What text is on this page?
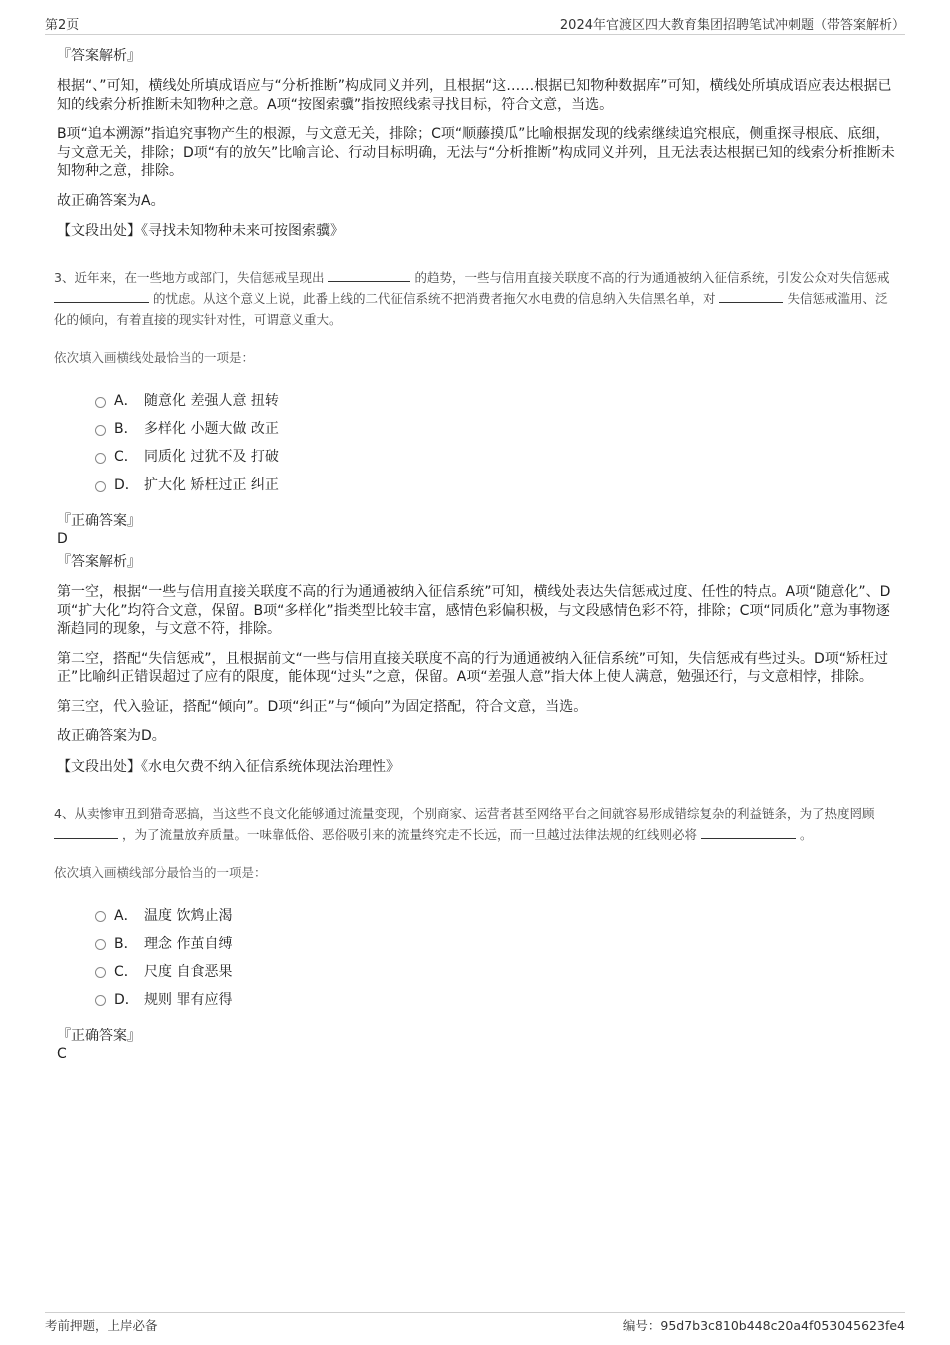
第2页	2024年官渡区四大教育集团招聘笔试冲刺题（带答案解析）
『答案解析』

根据“、”可知，横线处所填成语应与“分析推断”构成同义并列，且根据“这……根据已知物种数据库”可知，横线处所填成语应表达根据已知的线索分析推断未知物种之意。A项“按图索骥”指按照线索寻找目标，符合文意，当选。

B项“追本溯源”指追究事物产生的根源，与文意无关，排除；C项“顺藤摸瓜”比喻根据发现的线索继续追究根底，侧重探寻根底、底细，与文意无关，排除；D项“有的放矢”比喻言论、行动目标明确，无法与“分析推断”构成同义并列，且无法表达根据已知的线索分析推断未知物种之意，排除。

故正确答案为A。

【文段出处】《寻找未知物种未来可按图索骥》
3、近年来，在一些地方或部门，失信惩戒呈现出	的趋势，一些与信用直接关联度不高的行为通通被纳入征信系统，引发公众对失信惩戒  的忧虑。从这个意义上说，此番上线的二代征信系统不把消费者拖欠水电费的信息纳入失信黑名单，对	失信惩戒滥用、泛化的倾向，有着直接的现实针对性，可谓意义重大。
依次填入画横线处最恰当的一项是：
A． 随意化 差强人意 扭转
B． 多样化 小题大做 改正
C． 同质化 过犹不及 打破
D． 扩大化 矫枉过正 纠正
『正确答案』
D
『答案解析』

第一空，根据“一些与信用直接关联度不高的行为通通被纳入征信系统”可知，横线处表达失信惩戒过度、任性的特点。A项“随意化”、D项“扩大化”均符合文意，保留。B项“多样化”指类型比较丰富，感情色彩偏积极，与文段感情色彩不符，排除；C项“同质化”意为事物逐渐趋同的现象，与文意不符，排除。

第二空，搭配“失信惩戒”，且根据前文“一些与信用直接关联度不高的行为通通被纳入征信系统”可知，失信惩戒有些过头。D项“矫枉过正”比喻纠正错误超过了应有的限度，能体现“过头”之意，保留。A项“差强人意”指大体上使人满意，勉强还行，与文意相悖，排除。

第三空，代入验证，搭配“倾向”。D项“纠正”与“倾向”为固定搭配，符合文意，当选。

故正确答案为D。

【文段出处】《水电欠费不纳入征信系统体现法治理性》
4、从卖惨审丑到猎奇恶搞，当这些不良文化能够通过流量变现，个别商家、运营者甚至网络平台之间就容易形成错综复杂的利益链条，为了热度罔顾  ，为了流量放弃质量。一味靠低俗、恶俗吸引来的流量终究走不长远，而一旦越过法律法规的红线则必将	。
依次填入画横线部分最恰当的一项是：
A． 温度 饮鸩止渴
B． 理念 作茧自缚
C． 尺度 自食恶果
D． 规则 罪有应得
『正确答案』
C
考前押题，上岸必备	编号：95d7b3c810b448c20a4f053045623fe4
